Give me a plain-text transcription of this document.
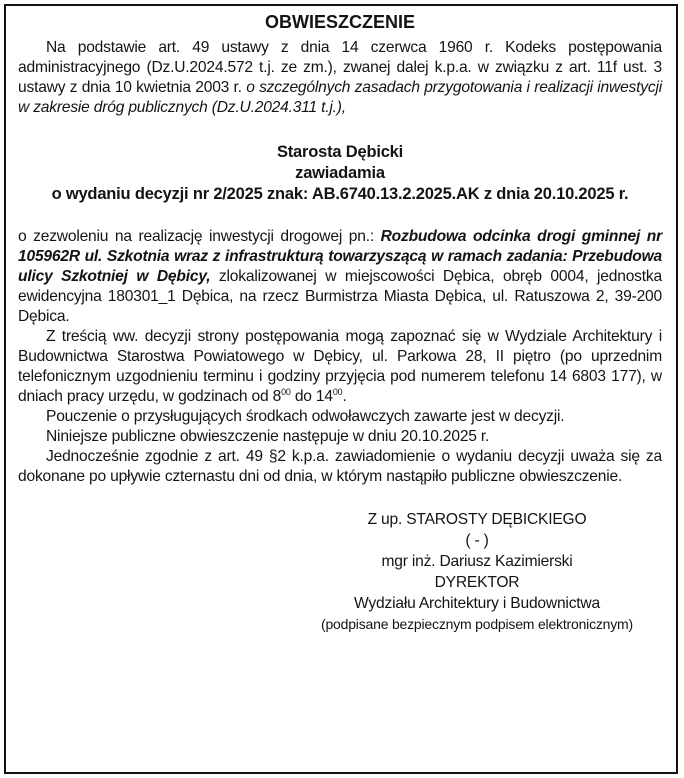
OBWIESZCZENIE

Na podstawie art. 49 ustawy z dnia 14 czerwca 1960 r. Kodeks postępowania administracyjnego (Dz.U.2024.572 t.j. ze zm.), zwanej dalej k.p.a. w związku z art. 11f ust. 3 ustawy z dnia 10 kwietnia 2003 r. o szczególnych zasadach przygotowania i realizacji inwestycji w zakresie dróg publicznych (Dz.U.2024.311 t.j.),

Starosta Dębicki

zawiadamia

o wydaniu decyzji nr 2/2025 znak: AB.6740.13.2.2025.AK z dnia 20.10.2025 r.

o zezwoleniu na realizację inwestycji drogowej pn.: Rozbudowa odcinka drogi gminnej nr 105962R ul. Szkotnia wraz z infrastrukturą towarzyszącą w ramach zadania: Przebudowa ulicy Szkotniej w Dębicy, zlokalizowanej w miejscowości Dębica, obręb 0004, jednostka ewidencyjna 180301_1 Dębica, na rzecz Burmistrza Miasta Dębica, ul. Ratuszowa 2, 39-200 Dębica.

Z treścią ww. decyzji strony postępowania mogą zapoznać się w Wydziale Architektury i Budownictwa Starostwa Powiatowego w Dębicy, ul. Parkowa 28, II piętro (po uprzednim telefonicznym uzgodnieniu terminu i godziny przyjęcia pod numerem telefonu 14 6803 177), w dniach pracy urzędu, w godzinach od $8^{00}$ do $14^{00}$.

Pouczenie o przysługujących środkach odwoławczych zawarte jest w decyzji.

Niniejsze publiczne obwieszczenie następuje w dniu 20.10.2025 r.

Jednocześnie zgodnie z art. 49 §2 k.p.a. zawiadomienie o wydaniu decyzji uważa się za dokonane po upływie czternastu dni od dnia, w którym nastąpiło publiczne obwieszczenie.

Z up. STAROSTY DĘBICKIEGO
( - )
mgr inż. Dariusz Kazimierski
DYREKTOR
Wydziału Architektury i Budownictwa
(podpisane bezpiecznym podpisem elektronicznym)
